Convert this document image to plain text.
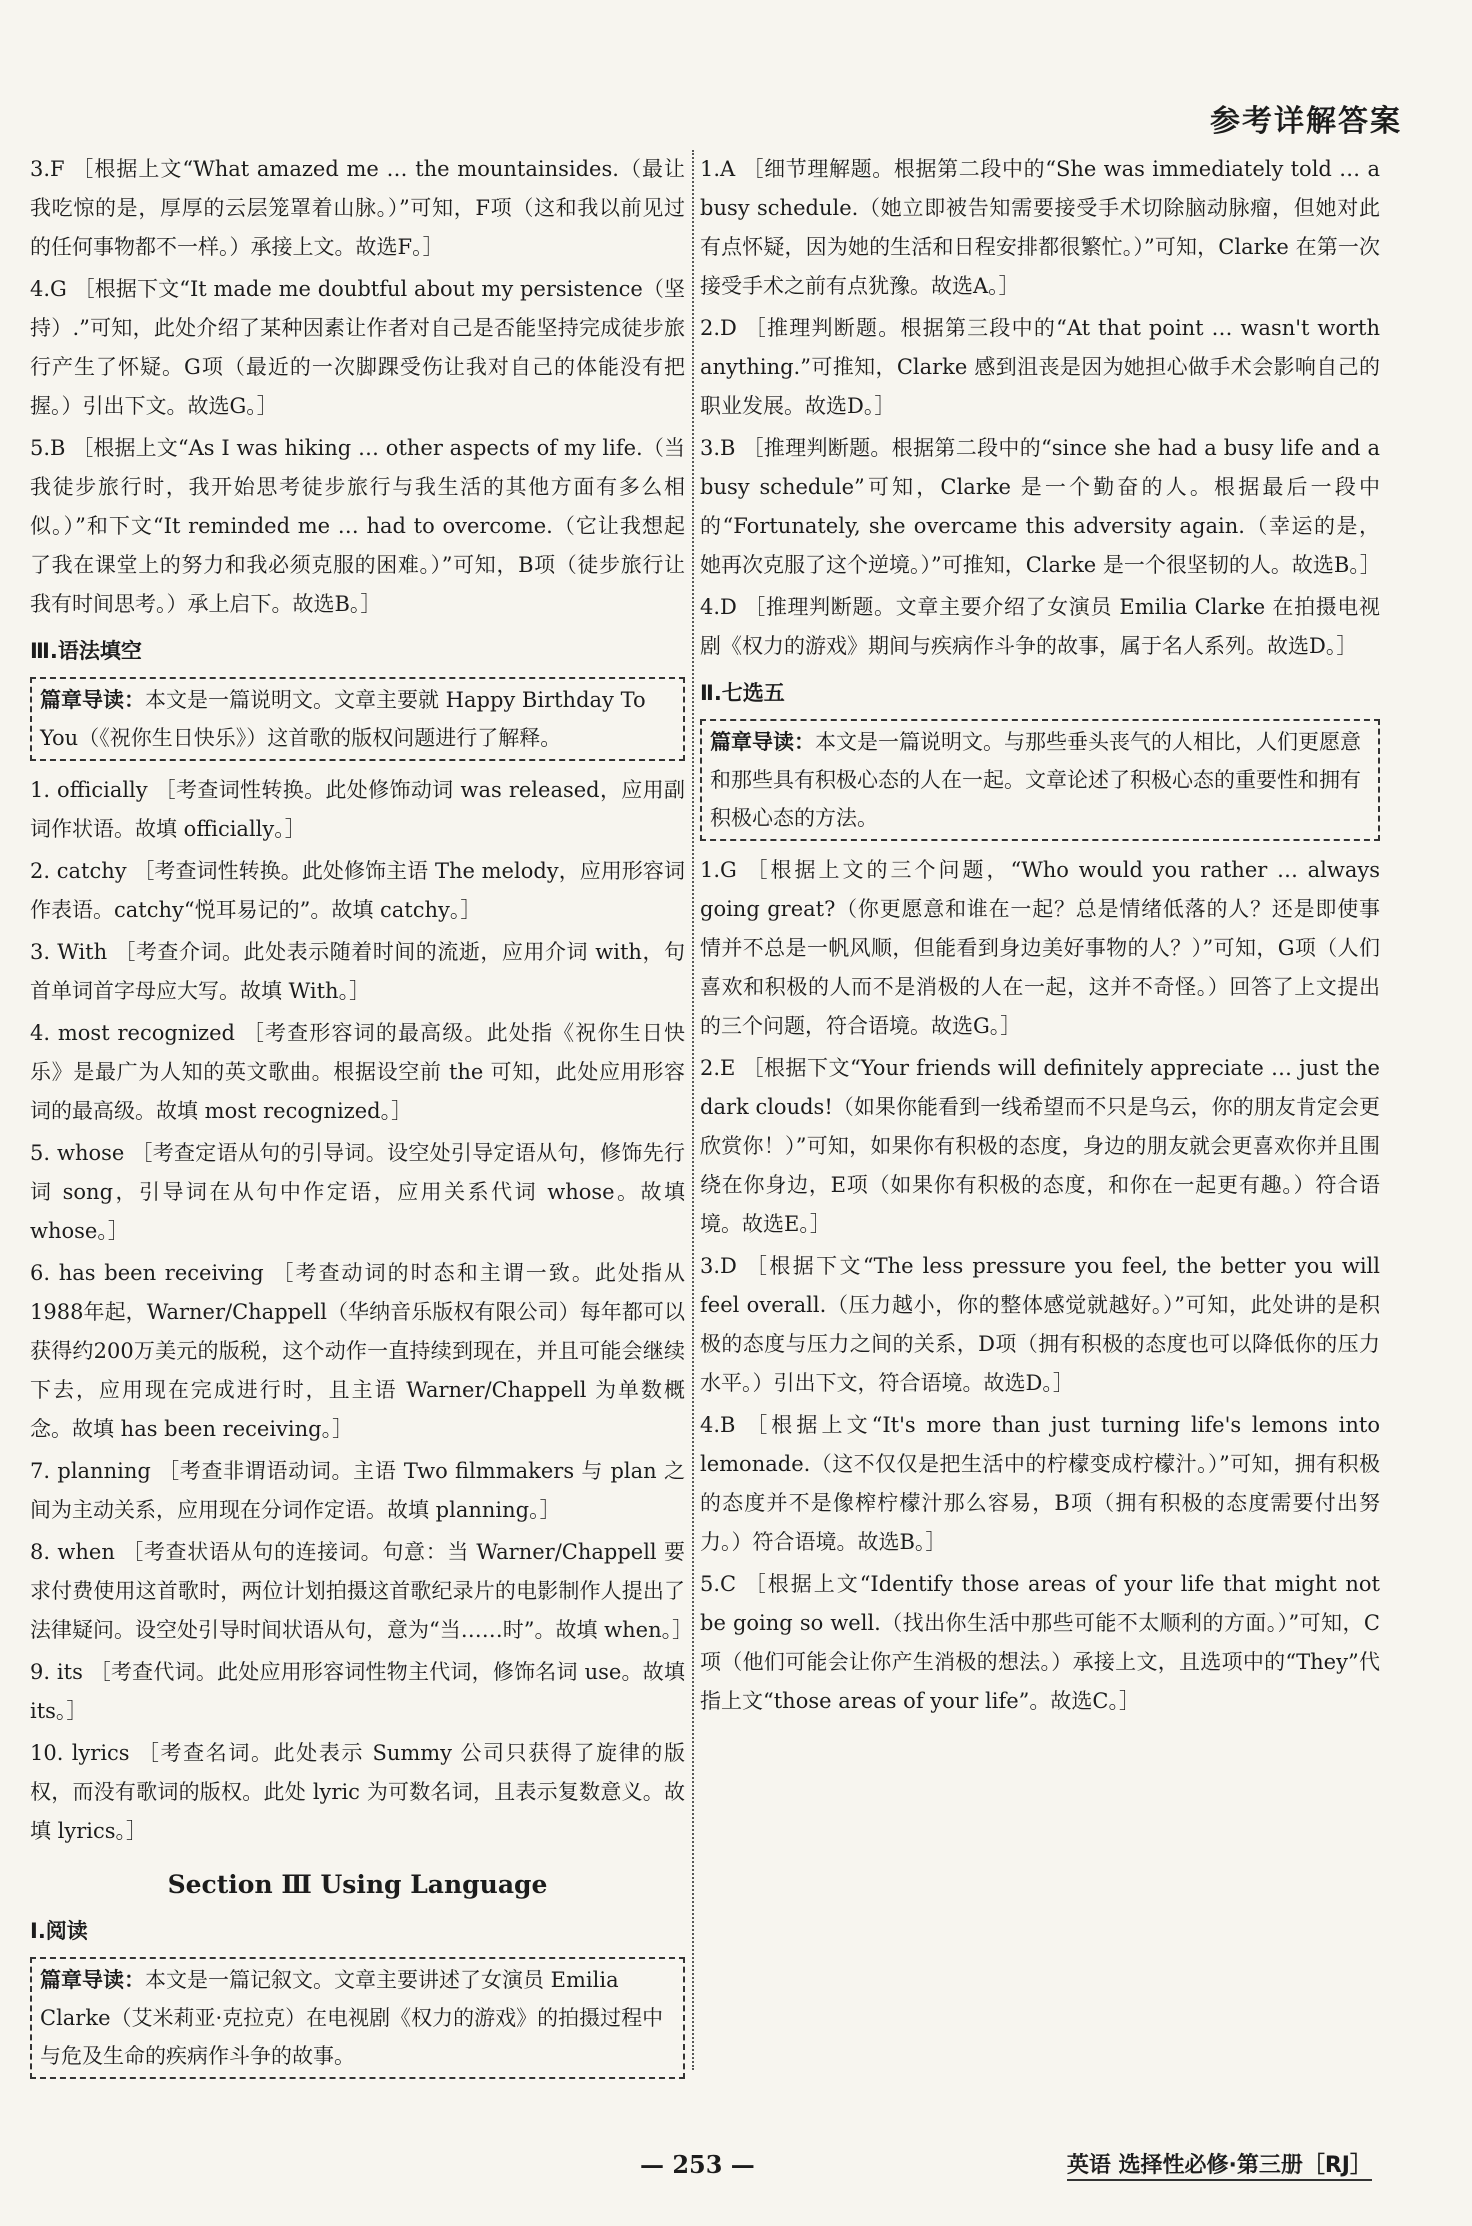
参考详解答案

3.F ［根据上文“What amazed me … the mountainsides.（最让我吃惊的是，厚厚的云层笼罩着山脉。）”可知，F项（这和我以前见过的任何事物都不一样。）承接上文。故选F。］

4.G ［根据下文“It made me doubtful about my persistence（坚持）.”可知，此处介绍了某种因素让作者对自己是否能坚持完成徒步旅行产生了怀疑。G项（最近的一次脚踝受伤让我对自己的体能没有把握。）引出下文。故选G。］

5.B ［根据上文“As I was hiking … other aspects of my life.（当我徒步旅行时，我开始思考徒步旅行与我生活的其他方面有多么相似。）”和下文“It reminded me … had to overcome.（它让我想起了我在课堂上的努力和我必须克服的困难。）”可知，B项（徒步旅行让我有时间思考。）承上启下。故选B。］

Ⅲ.语法填空
篇章导读：本文是一篇说明文。文章主要就 Happy Birthday To You（《祝你生日快乐》）这首歌的版权问题进行了解释。

1. officially ［考查词性转换。此处修饰动词 was released，应用副词作状语。故填 officially。］

2. catchy ［考查词性转换。此处修饰主语 The melody，应用形容词作表语。catchy“悦耳易记的”。故填 catchy。］

3. With ［考查介词。此处表示随着时间的流逝，应用介词 with，句首单词首字母应大写。故填 With。］

4. most recognized ［考查形容词的最高级。此处指《祝你生日快乐》是最广为人知的英文歌曲。根据设空前 the 可知，此处应用形容词的最高级。故填 most recognized。］

5. whose ［考查定语从句的引导词。设空处引导定语从句，修饰先行词 song，引导词在从句中作定语，应用关系代词 whose。故填 whose。］

6. has been receiving ［考查动词的时态和主谓一致。此处指从1988年起，Warner/Chappell（华纳音乐版权有限公司）每年都可以获得约200万美元的版税，这个动作一直持续到现在，并且可能会继续下去，应用现在完成进行时，且主语 Warner/Chappell 为单数概念。故填 has been receiving。］

7. planning ［考查非谓语动词。主语 Two filmmakers 与 plan 之间为主动关系，应用现在分词作定语。故填 planning。］

8. when ［考查状语从句的连接词。句意：当 Warner/Chappell 要求付费使用这首歌时，两位计划拍摄这首歌纪录片的电影制作人提出了法律疑问。设空处引导时间状语从句，意为“当……时”。故填 when。］

9. its ［考查代词。此处应用形容词性物主代词，修饰名词 use。故填 its。］

10. lyrics ［考查名词。此处表示 Summy 公司只获得了旋律的版权，而没有歌词的版权。此处 lyric 为可数名词，且表示复数意义。故填 lyrics。］

Section Ⅲ Using Language
Ⅰ.阅读
篇章导读：本文是一篇记叙文。文章主要讲述了女演员 Emilia Clarke（艾米莉亚·克拉克）在电视剧《权力的游戏》的拍摄过程中与危及生命的疾病作斗争的故事。

1.A ［细节理解题。根据第二段中的“She was immediately told … a busy schedule.（她立即被告知需要接受手术切除脑动脉瘤，但她对此有点怀疑，因为她的生活和日程安排都很繁忙。）”可知，Clarke 在第一次接受手术之前有点犹豫。故选A。］

2.D ［推理判断题。根据第三段中的“At that point … wasn't worth anything.”可推知，Clarke 感到沮丧是因为她担心做手术会影响自己的职业发展。故选D。］

3.B ［推理判断题。根据第二段中的“since she had a busy life and a busy schedule”可知，Clarke 是一个勤奋的人。根据最后一段中的“Fortunately, she overcame this adversity again.（幸运的是，她再次克服了这个逆境。）”可推知，Clarke 是一个很坚韧的人。故选B。］

4.D ［推理判断题。文章主要介绍了女演员 Emilia Clarke 在拍摄电视剧《权力的游戏》期间与疾病作斗争的故事，属于名人系列。故选D。］

Ⅱ.七选五
篇章导读：本文是一篇说明文。与那些垂头丧气的人相比，人们更愿意和那些具有积极心态的人在一起。文章论述了积极心态的重要性和拥有积极心态的方法。

1.G ［根据上文的三个问题，“Who would you rather … always going great?（你更愿意和谁在一起？总是情绪低落的人？还是即使事情并不总是一帆风顺，但能看到身边美好事物的人？）”可知，G项（人们喜欢和积极的人而不是消极的人在一起，这并不奇怪。）回答了上文提出的三个问题，符合语境。故选G。］

2.E ［根据下文“Your friends will definitely appreciate … just the dark clouds!（如果你能看到一线希望而不只是乌云，你的朋友肯定会更欣赏你！）”可知，如果你有积极的态度，身边的朋友就会更喜欢你并且围绕在你身边，E项（如果你有积极的态度，和你在一起更有趣。）符合语境。故选E。］

3.D ［根据下文“The less pressure you feel, the better you will feel overall.（压力越小，你的整体感觉就越好。）”可知，此处讲的是积极的态度与压力之间的关系，D项（拥有积极的态度也可以降低你的压力水平。）引出下文，符合语境。故选D。］

4.B ［根据上文“It's more than just turning life's lemons into lemonade.（这不仅仅是把生活中的柠檬变成柠檬汁。）”可知，拥有积极的态度并不是像榨柠檬汁那么容易，B项（拥有积极的态度需要付出努力。）符合语境。故选B。］

5.C ［根据上文“Identify those areas of your life that might not be going so well.（找出你生活中那些可能不太顺利的方面。）”可知，C项（他们可能会让你产生消极的想法。）承接上文，且选项中的“They”代指上文“those areas of your life”。故选C。］

— 253 —	英语 选择性必修·第三册［RJ］
